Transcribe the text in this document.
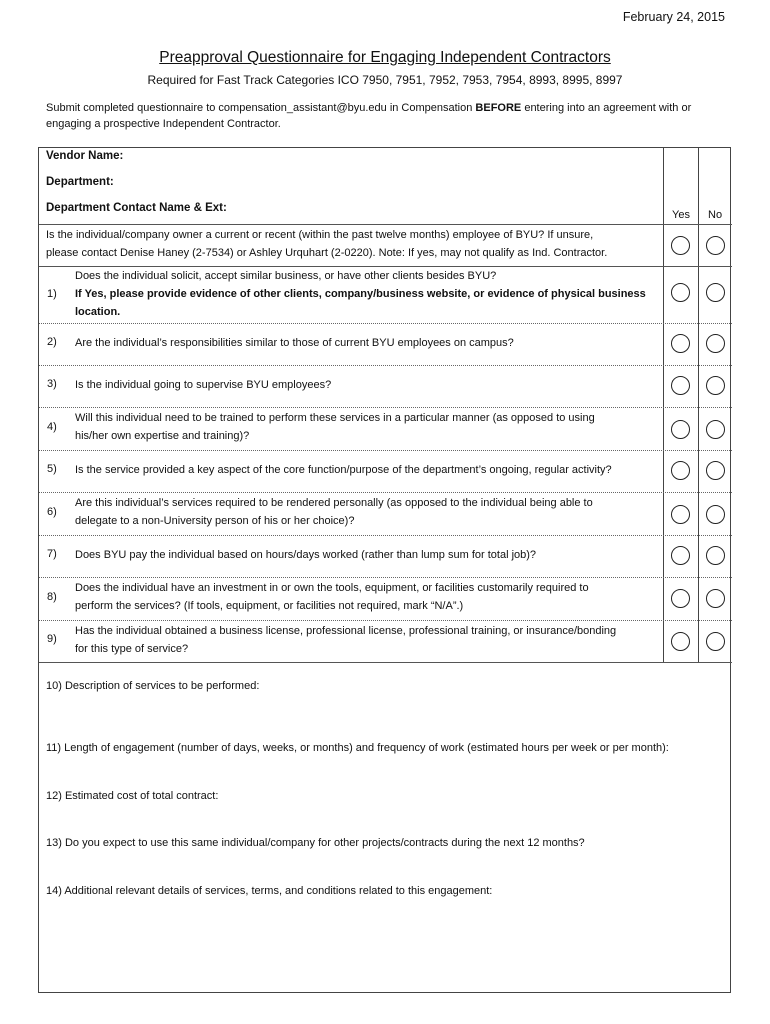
February 24, 2015
Preapproval Questionnaire for Engaging Independent Contractors
Required for Fast Track Categories ICO 7950, 7951, 7952, 7953, 7954, 8993, 8995, 8997
Submit completed questionnaire to compensation_assistant@byu.edu in Compensation BEFORE entering into an agreement with or engaging a prospective Independent Contractor.
Vendor Name:
Department:
Department Contact Name & Ext:
Yes No
Is the individual/company owner a current or recent (within the past twelve months) employee of BYU? If unsure,
please contact Denise Haney (2-7534) or Ashley Urquhart (2-0220). Note: If yes, may not qualify as Ind. Contractor.
1)
Does the individual solicit, accept similar business, or have other clients besides BYU?
If Yes, please provide evidence of other clients, company/business website, or evidence of physical business
location.
2) Are the individual’s responsibilities similar to those of current BYU employees on campus?
3) Is the individual going to supervise BYU employees?
4)
Will this individual need to be trained to perform these services in a particular manner (as opposed to using
his/her own expertise and training)?
5) Is the service provided a key aspect of the core function/purpose of the department’s ongoing, regular activity?
6)
Are this individual’s services required to be rendered personally (as opposed to the individual being able to
delegate to a non-University person of his or her choice)?
7) Does BYU pay the individual based on hours/days worked (rather than lump sum for total job)?
8)
Does the individual have an investment in or own the tools, equipment, or facilities customarily required to
perform the services? (If tools, equipment, or facilities not required, mark “N/A”.)
9)
Has the individual obtained a business license, professional license, professional training, or insurance/bonding
for this type of service?
10) Description of services to be performed:
11) Length of engagement (number of days, weeks, or months) and frequency of work (estimated hours per week or per month):
12) Estimated cost of total contract:
13) Do you expect to use this same individual/company for other projects/contracts during the next 12 months?
14) Additional relevant details of services, terms, and conditions related to this engagement:
